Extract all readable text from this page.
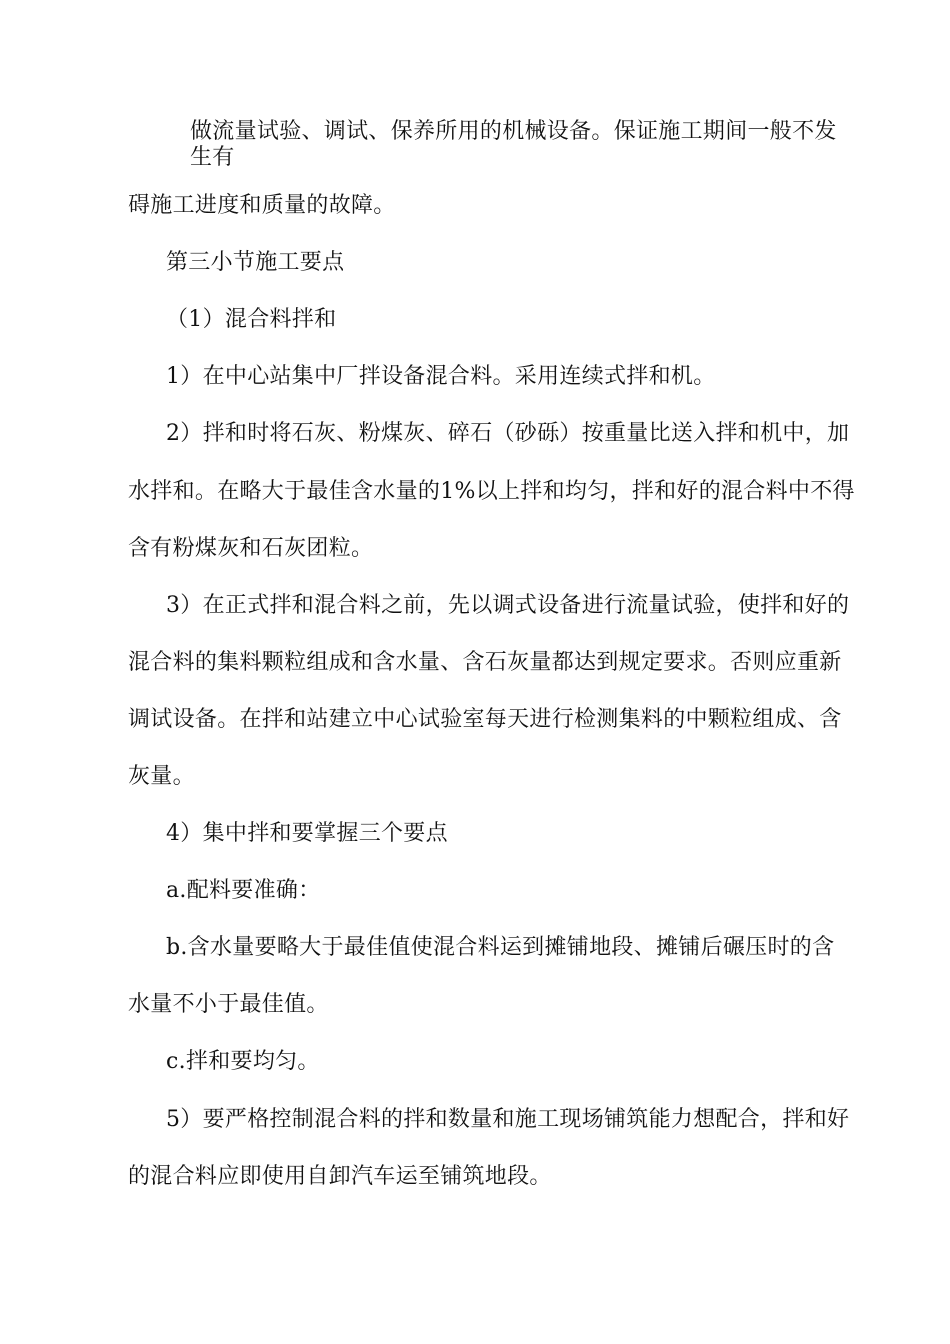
做流量试验、调试、保养所用的机械设备。保证施工期间一般不发
生有
碍施工进度和质量的故障。
第三小节施工要点
（1）混合料拌和
1）在中心站集中厂拌设备混合料。采用连续式拌和机。
2）拌和时将石灰、粉煤灰、碎石（砂砾）按重量比送入拌和机中，加
水拌和。在略大于最佳含水量的1%以上拌和均匀，拌和好的混合料中不得
含有粉煤灰和石灰团粒。
3）在正式拌和混合料之前，先以调式设备进行流量试验，使拌和好的
混合料的集料颗粒组成和含水量、含石灰量都达到规定要求。否则应重新
调试设备。在拌和站建立中心试验室每天进行检测集料的中颗粒组成、含
灰量。
4）集中拌和要掌握三个要点
a.配料要准确：
b.含水量要略大于最佳值使混合料运到摊铺地段、摊铺后碾压时的含
水量不小于最佳值。
c.拌和要均匀。
5）要严格控制混合料的拌和数量和施工现场铺筑能力想配合，拌和好
的混合料应即使用自卸汽车运至铺筑地段。
